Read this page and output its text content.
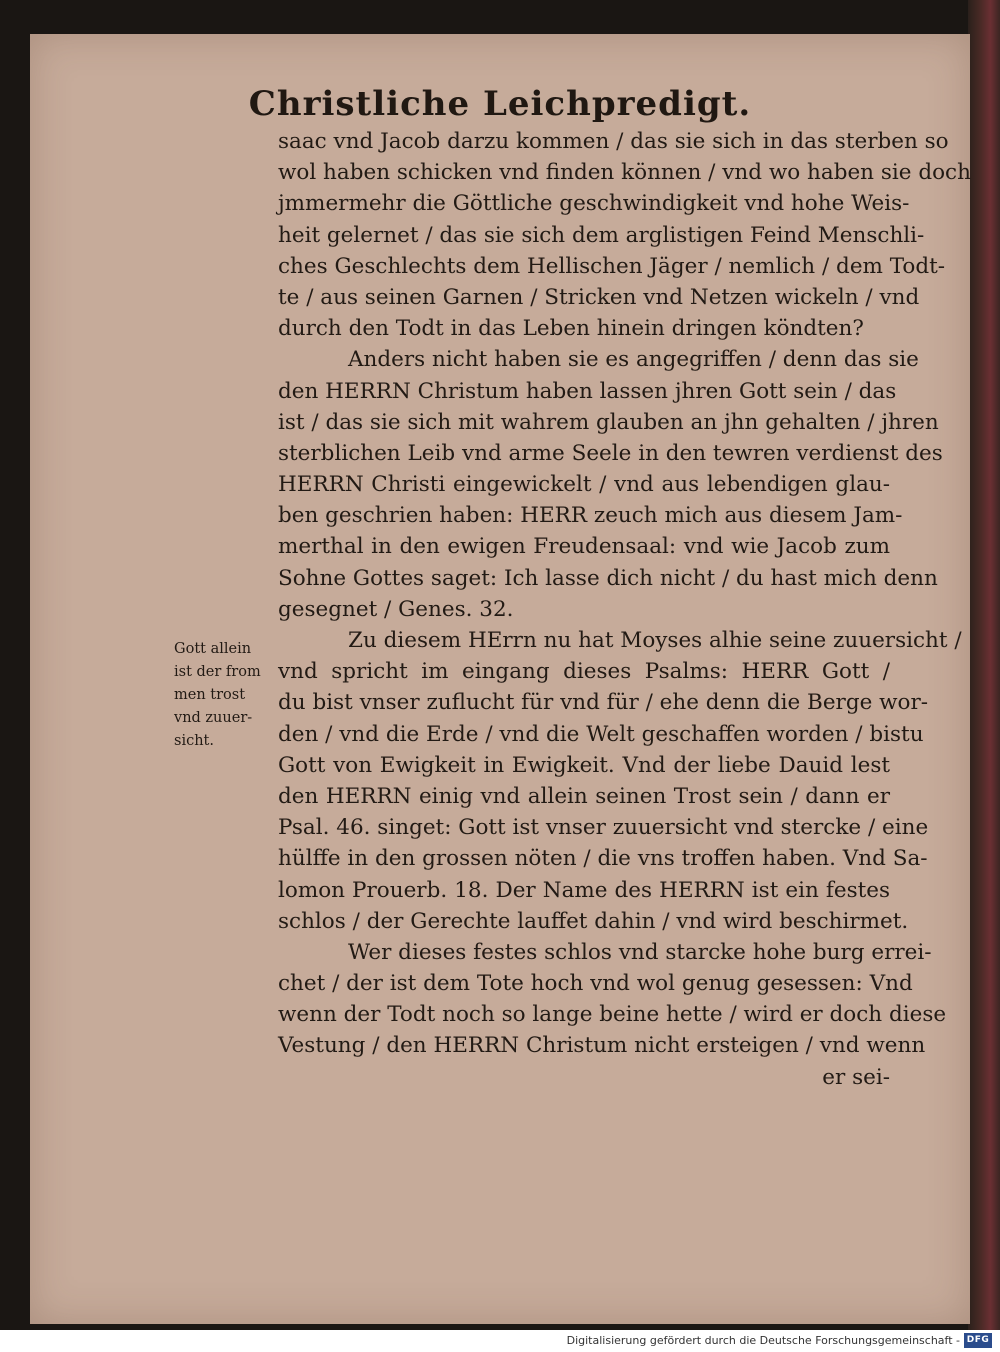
Christliche Leichpredigt.
saac vnd Jacob darzu kommen / das sie sich in das sterben so
wol haben schicken vnd finden können / vnd wo haben sie doch
jmmermehr die Göttliche geschwindigkeit vnd hohe Weis-
heit gelernet / das sie sich dem arglistigen Feind Menschli-
ches Geschlechts dem Hellischen Jäger / nemlich / dem Todt-
te / aus seinen Garnen / Stricken vnd Netzen wickeln / vnd
durch den Todt in das Leben hinein dringen köndten?
Anders nicht haben sie es angegriffen / denn das sie
den HERRN Christum haben lassen jhren Gott sein / das
ist / das sie sich mit wahrem glauben an jhn gehalten / jhren
sterblichen Leib vnd arme Seele in den tewren verdienst des
HERRN Christi eingewickelt / vnd aus lebendigen glau-
ben geschrien haben: HERR zeuch mich aus diesem Jam-
merthal in den ewigen Freudensaal: vnd wie Jacob zum
Sohne Gottes saget: Ich lasse dich nicht / du hast mich denn
gesegnet / Genes. 32.
Zu diesem HErrn nu hat Moyses alhie seine zuuersicht /
vnd spricht im eingang dieses Psalms: HERR Gott /
du bist vnser zuflucht für vnd für / ehe denn die Berge wor-
den / vnd die Erde / vnd die Welt geschaffen worden / bistu
Gott von Ewigkeit in Ewigkeit. Vnd der liebe Dauid lest
den HERRN einig vnd allein seinen Trost sein / dann er
Psal. 46. singet: Gott ist vnser zuuersicht vnd stercke / eine
hülffe in den grossen nöten / die vns troffen haben. Vnd Sa-
lomon Prouerb. 18. Der Name des HERRN ist ein festes
schlos / der Gerechte lauffet dahin / vnd wird beschirmet.
Wer dieses festes schlos vnd starcke hohe burg errei-
chet / der ist dem Tote hoch vnd wol genug gesessen: Vnd
wenn der Todt noch so lange beine hette / wird er doch diese
Vestung / den HERRN Christum nicht ersteigen / vnd wenn
er sei-
Gott allein
ist der from
men trost
vnd zuuer-
sicht.
Digitalisierung gefördert durch die Deutsche Forschungsgemeinschaft - DFG
